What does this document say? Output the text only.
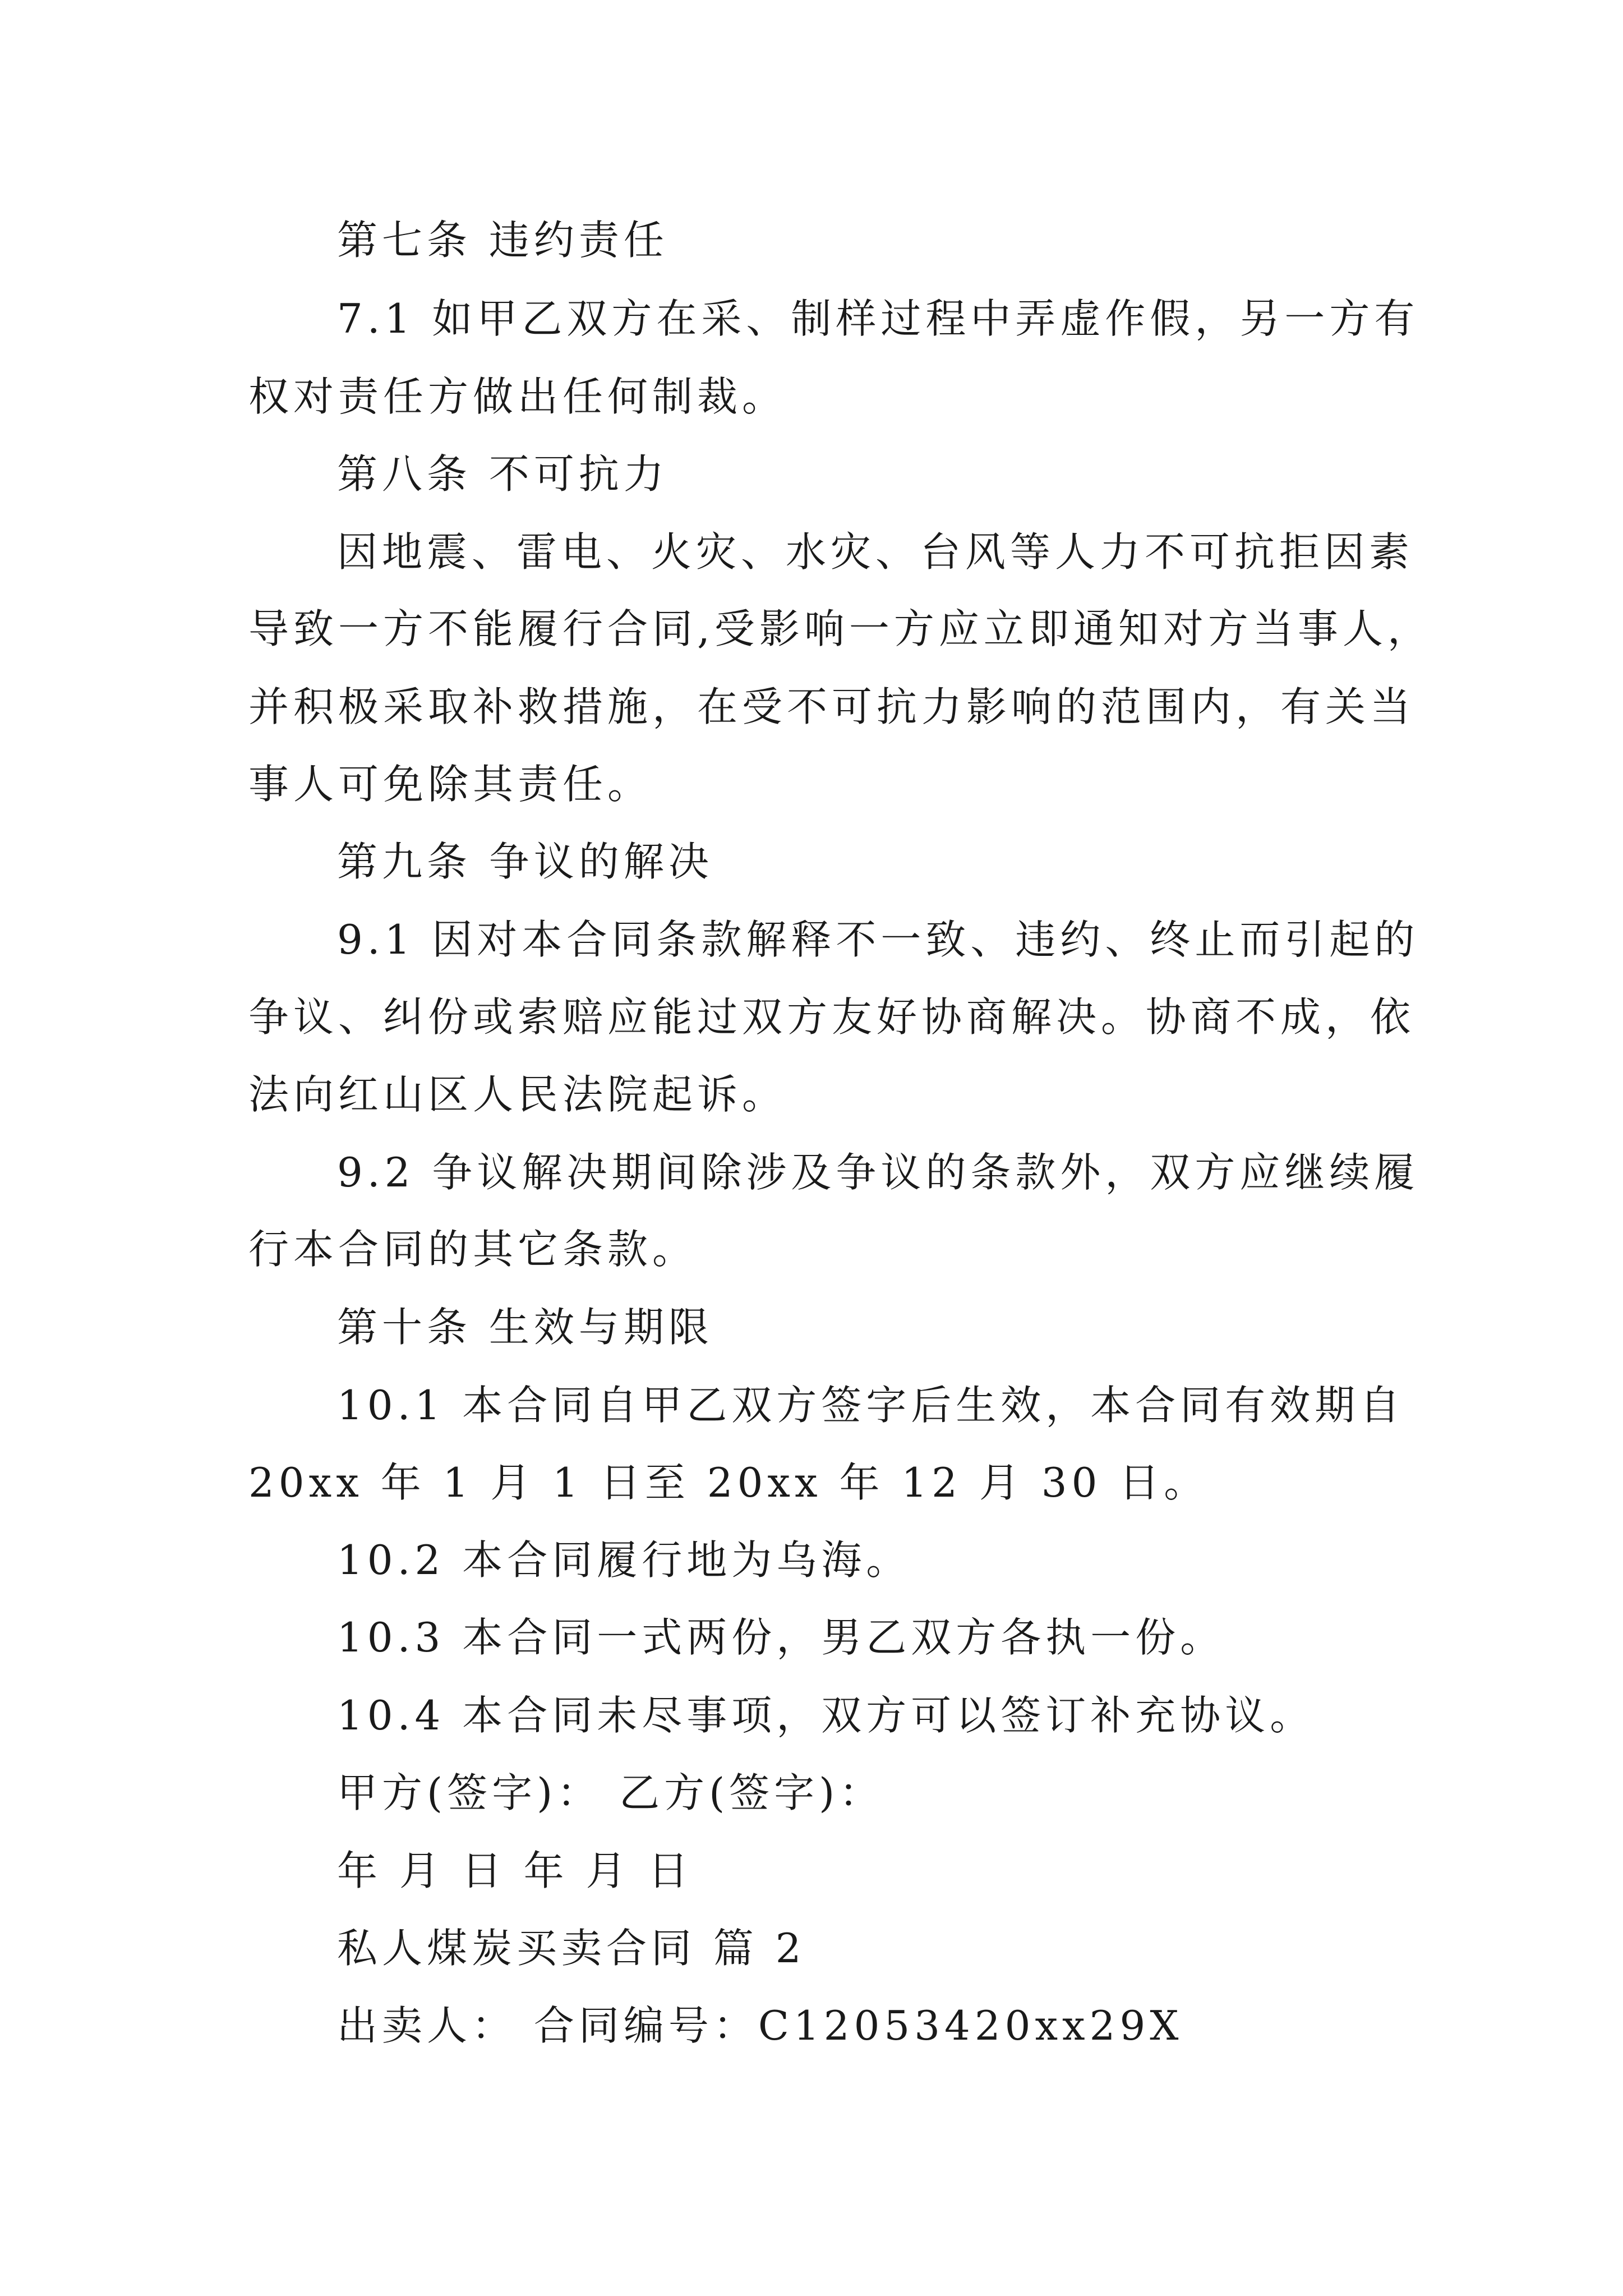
第七条 违约责任

7.1 如甲乙双方在采、制样过程中弄虚作假，另一方有

权对责任方做出任何制裁。

第八条 不可抗力

因地震、雷电、火灾、水灾、台风等人力不可抗拒因素

导致一方不能履行合同,受影响一方应立即通知对方当事人，

并积极采取补救措施，在受不可抗力影响的范围内，有关当

事人可免除其责任。

第九条 争议的解决

9.1 因对本合同条款解释不一致、违约、终止而引起的

争议、纠份或索赔应能过双方友好协商解决。协商不成，依

法向红山区人民法院起诉。

9.2 争议解决期间除涉及争议的条款外，双方应继续履

行本合同的其它条款。

第十条 生效与期限

10.1 本合同自甲乙双方签字后生效，本合同有效期自

20xx 年 1 月 1 日至 20xx 年 12 月 30 日。

10.2 本合同履行地为乌海。

10.3 本合同一式两份，男乙双方各执一份。

10.4 本合同未尽事项，双方可以签订补充协议。

甲方(签字)： 乙方(签字)：

年 月 日 年 月 日

私人煤炭买卖合同 篇 2

出卖人： 合同编号：C12053420xx29X
